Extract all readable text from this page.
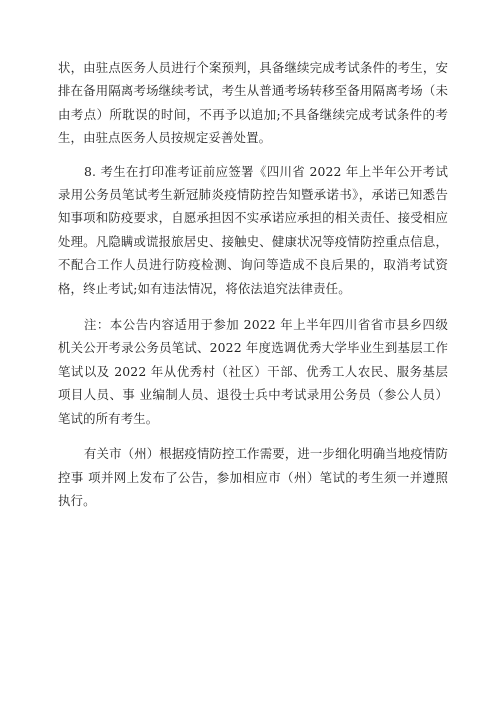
状，由驻点医务人员进行个案预判，具备继续完成考试条件的考生，安排在备用隔离考场继续考试，考生从普通考场转移至备用隔离考场（未由考点）所耽误的时间，不再予以追加;不具备继续完成考试条件的考生，由驻点医务人员按规定妥善处置。

8. 考生在打印准考证前应签署《四川省 2022 年上半年公开考试录用公务员笔试考生新冠肺炎疫情防控告知暨承诺书》，承诺已知悉告知事项和防疫要求，自愿承担因不实承诺应承担的相关责任、接受相应处理。凡隐瞒或谎报旅居史、接触史、健康状况等疫情防控重点信息，不配合工作人员进行防疫检测、询问等造成不良后果的，取消考试资格，终止考试;如有违法情况，将依法追究法律责任。

注：本公告内容适用于参加 2022 年上半年四川省省市县乡四级机关公开考录公务员笔试、2022 年度选调优秀大学毕业生到基层工作笔试以及 2022 年从优秀村（社区）干部、优秀工人农民、服务基层项目人员、事 业编制人员、退役士兵中考试录用公务员（参公人员）笔试的所有考生。

有关市（州）根据疫情防控工作需要，进一步细化明确当地疫情防控事 项并网上发布了公告，参加相应市（州）笔试的考生须一并遵照执行。
